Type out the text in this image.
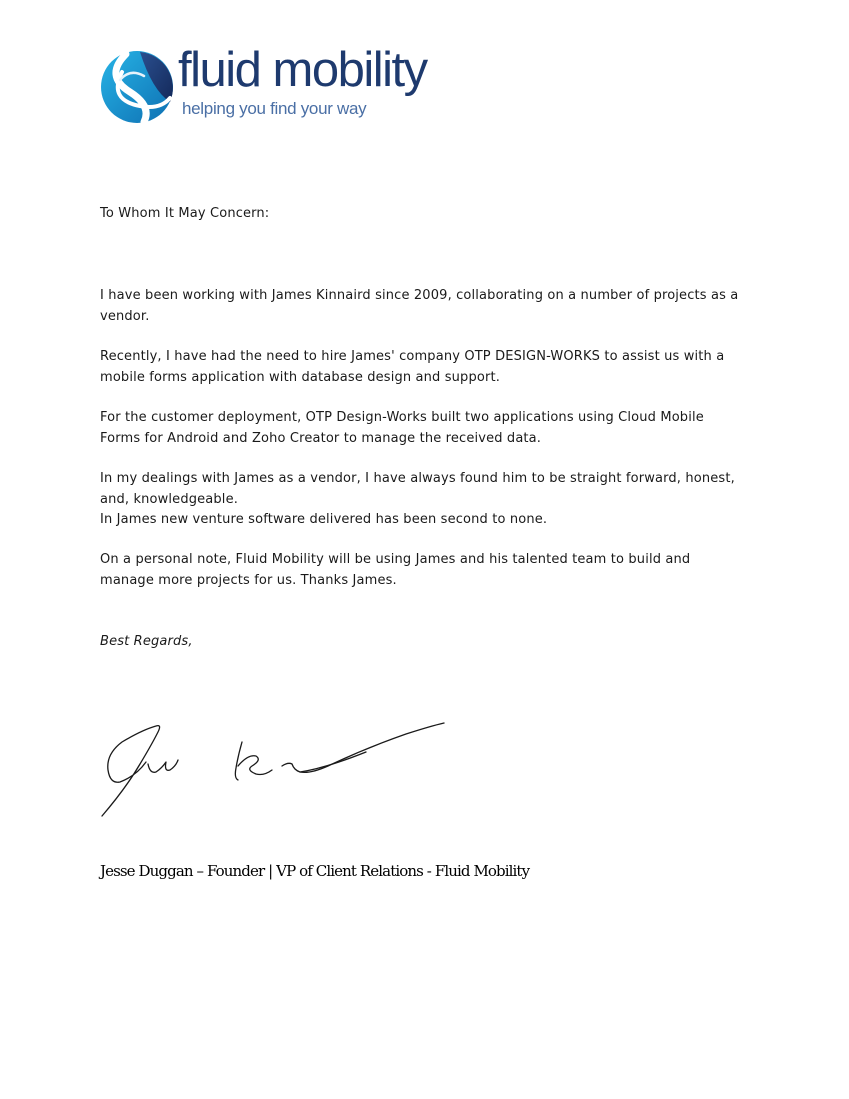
fluid mobility
helping you find your way

To Whom It May Concern:

I have been working with James Kinnaird since 2009, collaborating on a number of projects as a
vendor.

Recently, I have had the need to hire James' company OTP DESIGN-WORKS to assist us with a
mobile forms application with database design and support.

For the customer deployment, OTP Design-Works built two applications using Cloud Mobile
Forms for Android and Zoho Creator to manage the received data.

In my dealings with James as a vendor, I have always found him to be straight forward, honest,
and, knowledgeable.
In James new venture software delivered has been second to none.

On a personal note, Fluid Mobility will be using James and his talented team to build and
manage more projects for us. Thanks James.

Best Regards,

Jesse Duggan – Founder | VP of Client Relations - Fluid Mobility
